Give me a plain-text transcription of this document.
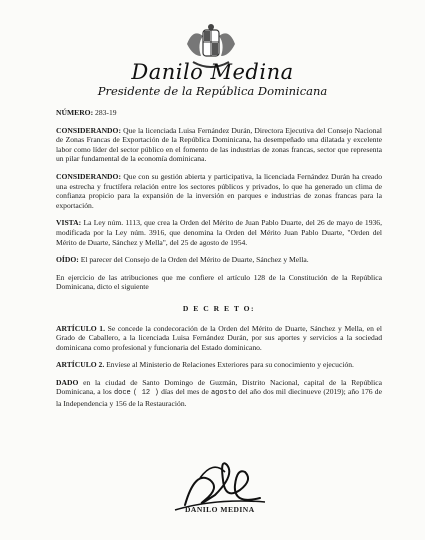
Danilo Medina
Presidente de la República Dominicana
NÚMERO: 283-19

CONSIDERANDO: Que la licenciada Luisa Fernández Durán, Directora Ejecutiva del Consejo Nacional de Zonas Francas de Exportación de la República Dominicana, ha desempeñado una dilatada y excelente labor como líder del sector público en el fomento de las industrias de zonas francas, sector que representa un pilar fundamental de la economía dominicana.

CONSIDERANDO: Que con su gestión abierta y participativa, la licenciada Fernández Durán ha creado una estrecha y fructífera relación entre los sectores públicos y privados, lo que ha generado un clima de confianza propicio para la expansión de la inversión en parques e industrias de zonas francas para la exportación.

VISTA: La Ley núm. 1113, que crea la Orden del Mérito de Juan Pablo Duarte, del 26 de mayo de 1936, modificada por la Ley núm. 3916, que denomina la Orden del Mérito Juan Pablo Duarte, "Orden del Mérito de Duarte, Sánchez y Mella", del 25 de agosto de 1954.

OÍDO: El parecer del Consejo de la Orden del Mérito de Duarte, Sánchez y Mella.

En ejercicio de las atribuciones que me confiere el artículo 128 de la Constitución de la República Dominicana, dicto el siguiente

D E C R E T O:

ARTÍCULO 1. Se concede la condecoración de la Orden del Mérito de Duarte, Sánchez y Mella, en el Grado de Caballero, a la licenciada Luisa Fernández Durán, por sus aportes y servicios a la sociedad dominicana como profesional y funcionaria del Estado dominicano.

ARTÍCULO 2. Envíese al Ministerio de Relaciones Exteriores para su conocimiento y ejecución.

DADO en la ciudad de Santo Domingo de Guzmán, Distrito Nacional, capital de la República Dominicana, a los doce ( 12 ) días del mes de agosto del año dos mil diecinueve (2019); año 176 de la Independencia y 156 de la Restauración.

DANILO MEDINA
